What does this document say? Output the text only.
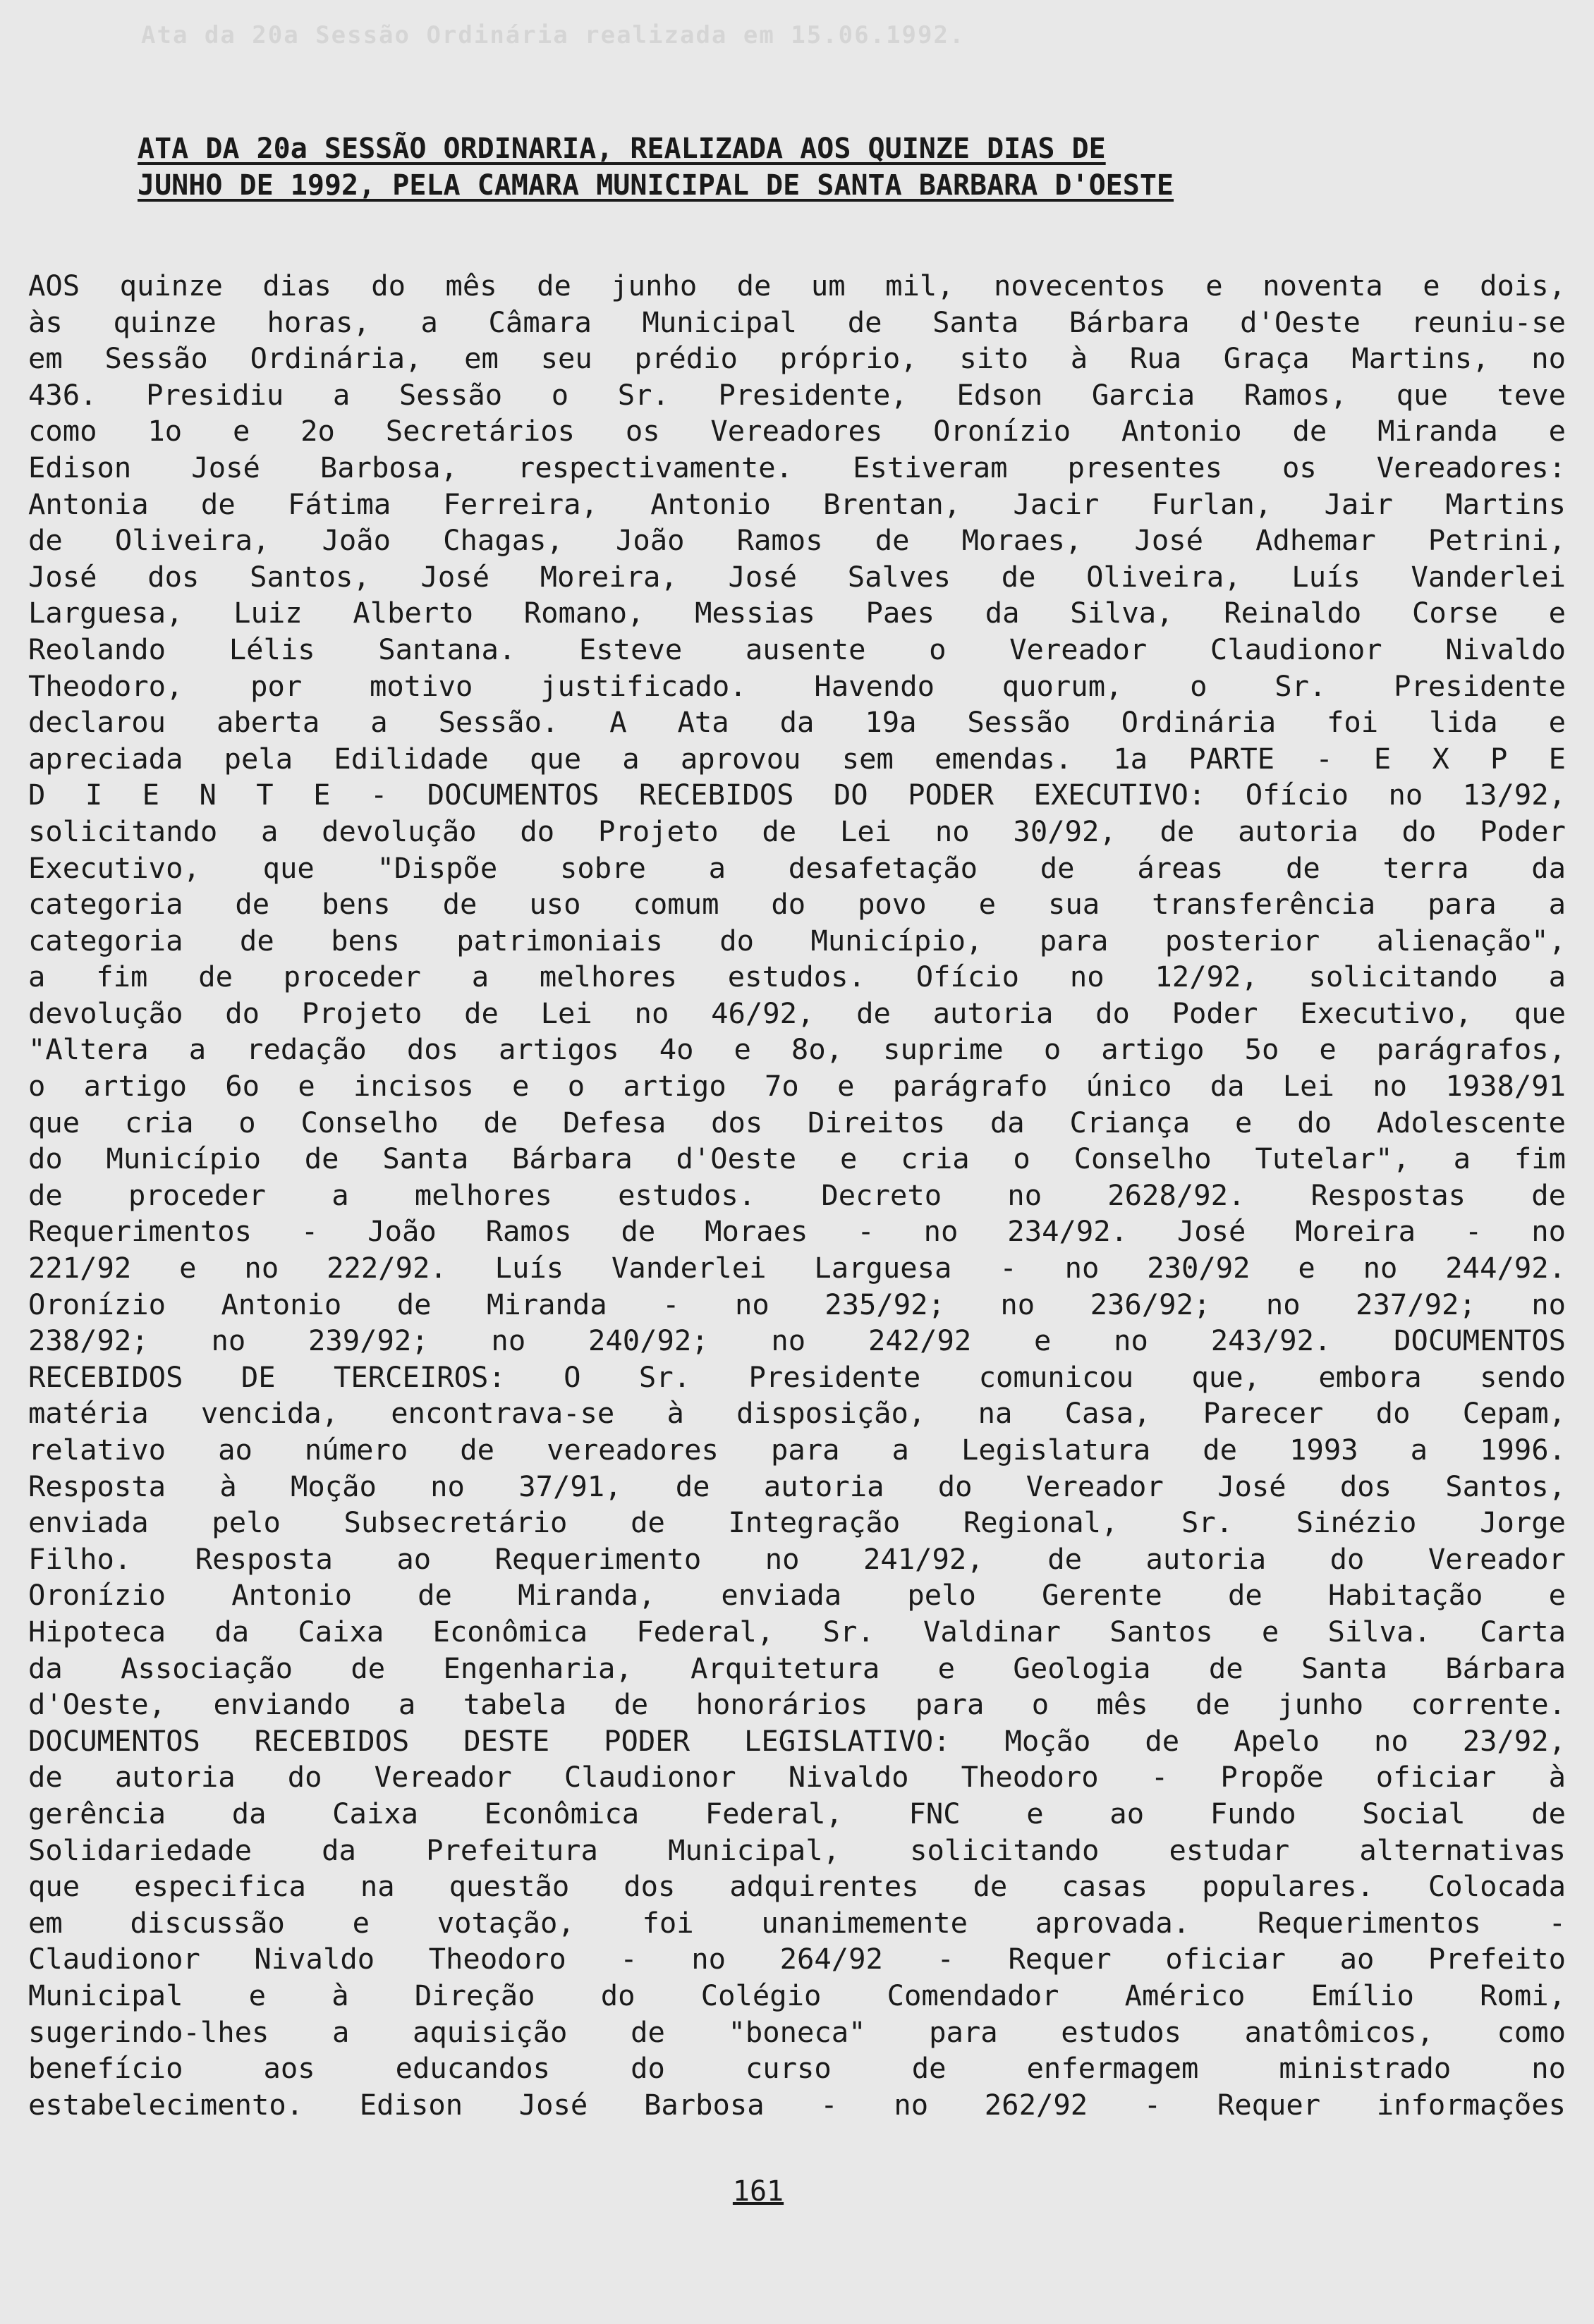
Ata da 20a Sessão Ordinária realizada em 15.06.1992.
ATA DA 20a SESSÃO ORDINARIA, REALIZADA AOS QUINZE DIAS DE
JUNHO DE 1992, PELA CAMARA MUNICIPAL DE SANTA BARBARA D'OESTE
AOS quinze dias do mês de junho de um mil, novecentos e noventa e dois,
às quinze horas, a Câmara Municipal de Santa Bárbara d'Oeste reuniu-se
em Sessão Ordinária, em seu prédio próprio, sito à Rua Graça Martins, no
436. Presidiu a Sessão o Sr. Presidente, Edson Garcia Ramos, que teve
como 1o e 2o Secretários os Vereadores Oronízio Antonio de Miranda e
Edison José Barbosa, respectivamente. Estiveram presentes os Vereadores:
Antonia de Fátima Ferreira, Antonio Brentan, Jacir Furlan, Jair Martins
de Oliveira, João Chagas, João Ramos de Moraes, José Adhemar Petrini,
José dos Santos, José Moreira, José Salves de Oliveira, Luís Vanderlei
Larguesa, Luiz Alberto Romano, Messias Paes da Silva, Reinaldo Corse e
Reolando Lélis Santana. Esteve ausente o Vereador Claudionor Nivaldo
Theodoro, por motivo justificado. Havendo quorum, o Sr. Presidente
declarou aberta a Sessão. A Ata da 19a Sessão Ordinária foi lida e
apreciada pela Edilidade que a aprovou sem emendas. 1a PARTE - E X P E
D I E N T E - DOCUMENTOS RECEBIDOS DO PODER EXECUTIVO: Ofício no 13/92,
solicitando a devolução do Projeto de Lei no 30/92, de autoria do Poder
Executivo, que "Dispõe sobre a desafetação de áreas de terra da
categoria de bens de uso comum do povo e sua transferência para a
categoria de bens patrimoniais do Município, para posterior alienação",
a fim de proceder a melhores estudos. Ofício no 12/92, solicitando a
devolução do Projeto de Lei no 46/92, de autoria do Poder Executivo, que
"Altera a redação dos artigos 4o e 8o, suprime o artigo 5o e parágrafos,
o artigo 6o e incisos e o artigo 7o e parágrafo único da Lei no 1938/91
que cria o Conselho de Defesa dos Direitos da Criança e do Adolescente
do Município de Santa Bárbara d'Oeste e cria o Conselho Tutelar", a fim
de proceder a melhores estudos. Decreto no 2628/92. Respostas de
Requerimentos - João Ramos de Moraes - no 234/92. José Moreira - no
221/92 e no 222/92. Luís Vanderlei Larguesa - no 230/92 e no 244/92.
Oronízio Antonio de Miranda - no 235/92; no 236/92; no 237/92; no
238/92; no 239/92; no 240/92; no 242/92 e no 243/92. DOCUMENTOS
RECEBIDOS DE TERCEIROS: O Sr. Presidente comunicou que, embora sendo
matéria vencida, encontrava-se à disposição, na Casa, Parecer do Cepam,
relativo ao número de vereadores para a Legislatura de 1993 a 1996.
Resposta à Moção no 37/91, de autoria do Vereador José dos Santos,
enviada pelo Subsecretário de Integração Regional, Sr. Sinézio Jorge
Filho. Resposta ao Requerimento no 241/92, de autoria do Vereador
Oronízio Antonio de Miranda, enviada pelo Gerente de Habitação e
Hipoteca da Caixa Econômica Federal, Sr. Valdinar Santos e Silva. Carta
da Associação de Engenharia, Arquitetura e Geologia de Santa Bárbara
d'Oeste, enviando a tabela de honorários para o mês de junho corrente.
DOCUMENTOS RECEBIDOS DESTE PODER LEGISLATIVO: Moção de Apelo no 23/92,
de autoria do Vereador Claudionor Nivaldo Theodoro - Propõe oficiar à
gerência da Caixa Econômica Federal, FNC e ao Fundo Social de
Solidariedade da Prefeitura Municipal, solicitando estudar alternativas
que especifica na questão dos adquirentes de casas populares. Colocada
em discussão e votação, foi unanimemente aprovada. Requerimentos -
Claudionor Nivaldo Theodoro - no 264/92 - Requer oficiar ao Prefeito
Municipal e à Direção do Colégio Comendador Américo Emílio Romi,
sugerindo-lhes a aquisição de "boneca" para estudos anatômicos, como
benefício aos educandos do curso de enfermagem ministrado no
estabelecimento. Edison José Barbosa - no 262/92 - Requer informações
161
